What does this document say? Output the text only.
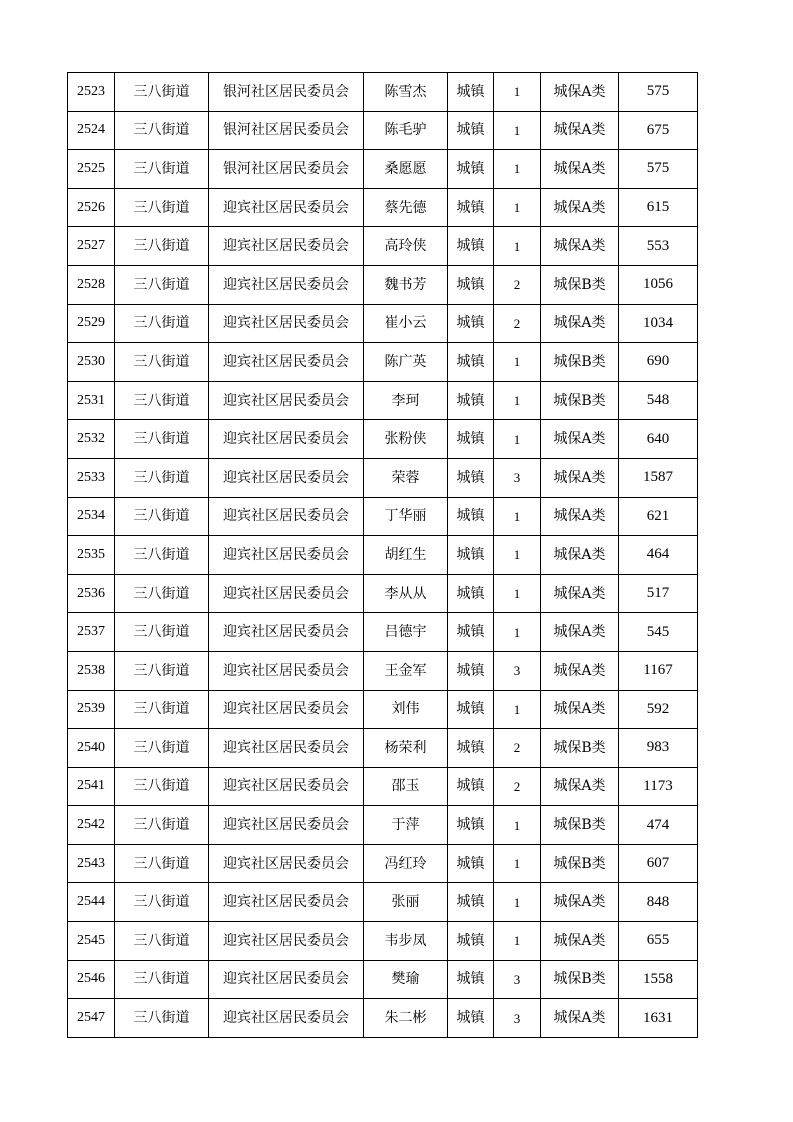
2523	三八街道	银河社区居民委员会	陈雪杰	城镇	1	城保A类	575
2524	三八街道	银河社区居民委员会	陈毛驴	城镇	1	城保A类	675
2525	三八街道	银河社区居民委员会	桑愿愿	城镇	1	城保A类	575
2526	三八街道	迎宾社区居民委员会	蔡先德	城镇	1	城保A类	615
2527	三八街道	迎宾社区居民委员会	高玲侠	城镇	1	城保A类	553
2528	三八街道	迎宾社区居民委员会	魏书芳	城镇	2	城保B类	1056
2529	三八街道	迎宾社区居民委员会	崔小云	城镇	2	城保A类	1034
2530	三八街道	迎宾社区居民委员会	陈广英	城镇	1	城保B类	690
2531	三八街道	迎宾社区居民委员会	李珂	城镇	1	城保B类	548
2532	三八街道	迎宾社区居民委员会	张粉侠	城镇	1	城保A类	640
2533	三八街道	迎宾社区居民委员会	荣蓉	城镇	3	城保A类	1587
2534	三八街道	迎宾社区居民委员会	丁华丽	城镇	1	城保A类	621
2535	三八街道	迎宾社区居民委员会	胡红生	城镇	1	城保A类	464
2536	三八街道	迎宾社区居民委员会	李从从	城镇	1	城保A类	517
2537	三八街道	迎宾社区居民委员会	吕德宇	城镇	1	城保A类	545
2538	三八街道	迎宾社区居民委员会	王金军	城镇	3	城保A类	1167
2539	三八街道	迎宾社区居民委员会	刘伟	城镇	1	城保A类	592
2540	三八街道	迎宾社区居民委员会	杨荣利	城镇	2	城保B类	983
2541	三八街道	迎宾社区居民委员会	邵玉	城镇	2	城保A类	1173
2542	三八街道	迎宾社区居民委员会	于萍	城镇	1	城保B类	474
2543	三八街道	迎宾社区居民委员会	冯红玲	城镇	1	城保B类	607
2544	三八街道	迎宾社区居民委员会	张丽	城镇	1	城保A类	848
2545	三八街道	迎宾社区居民委员会	韦步凤	城镇	1	城保A类	655
2546	三八街道	迎宾社区居民委员会	樊瑜	城镇	3	城保B类	1558
2547	三八街道	迎宾社区居民委员会	朱二彬	城镇	3	城保A类	1631
